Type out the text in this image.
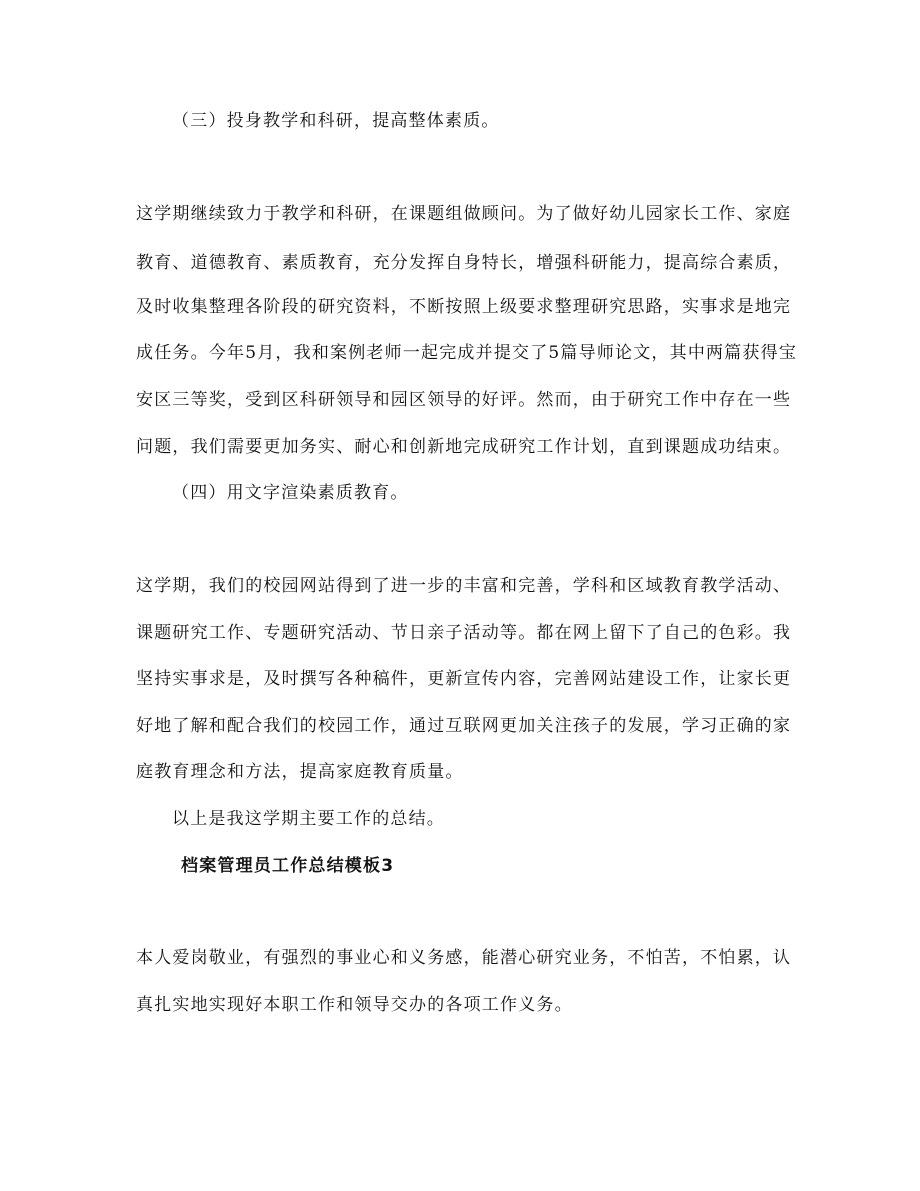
（三）投身教学和科研，提高整体素质。
这学期继续致力于教学和科研，在课题组做顾问。为了做好幼儿园家长工作、家庭
教育、道德教育、素质教育，充分发挥自身特长，增强科研能力，提高综合素质，
及时收集整理各阶段的研究资料，不断按照上级要求整理研究思路，实事求是地完
成任务。今年5月，我和案例老师一起完成并提交了5篇导师论文，其中两篇获得宝
安区三等奖，受到区科研领导和园区领导的好评。然而，由于研究工作中存在一些
问题，我们需要更加务实、耐心和创新地完成研究工作计划，直到课题成功结束。
（四）用文字渲染素质教育。
这学期，我们的校园网站得到了进一步的丰富和完善，学科和区域教育教学活动、
课题研究工作、专题研究活动、节日亲子活动等。都在网上留下了自己的色彩。我
坚持实事求是，及时撰写各种稿件，更新宣传内容，完善网站建设工作，让家长更
好地了解和配合我们的校园工作，通过互联网更加关注孩子的发展，学习正确的家
庭教育理念和方法，提高家庭教育质量。
以上是我这学期主要工作的总结。
档案管理员工作总结模板3
本人爱岗敬业，有强烈的事业心和义务感，能潜心研究业务，不怕苦，不怕累，认
真扎实地实现好本职工作和领导交办的各项工作义务。
